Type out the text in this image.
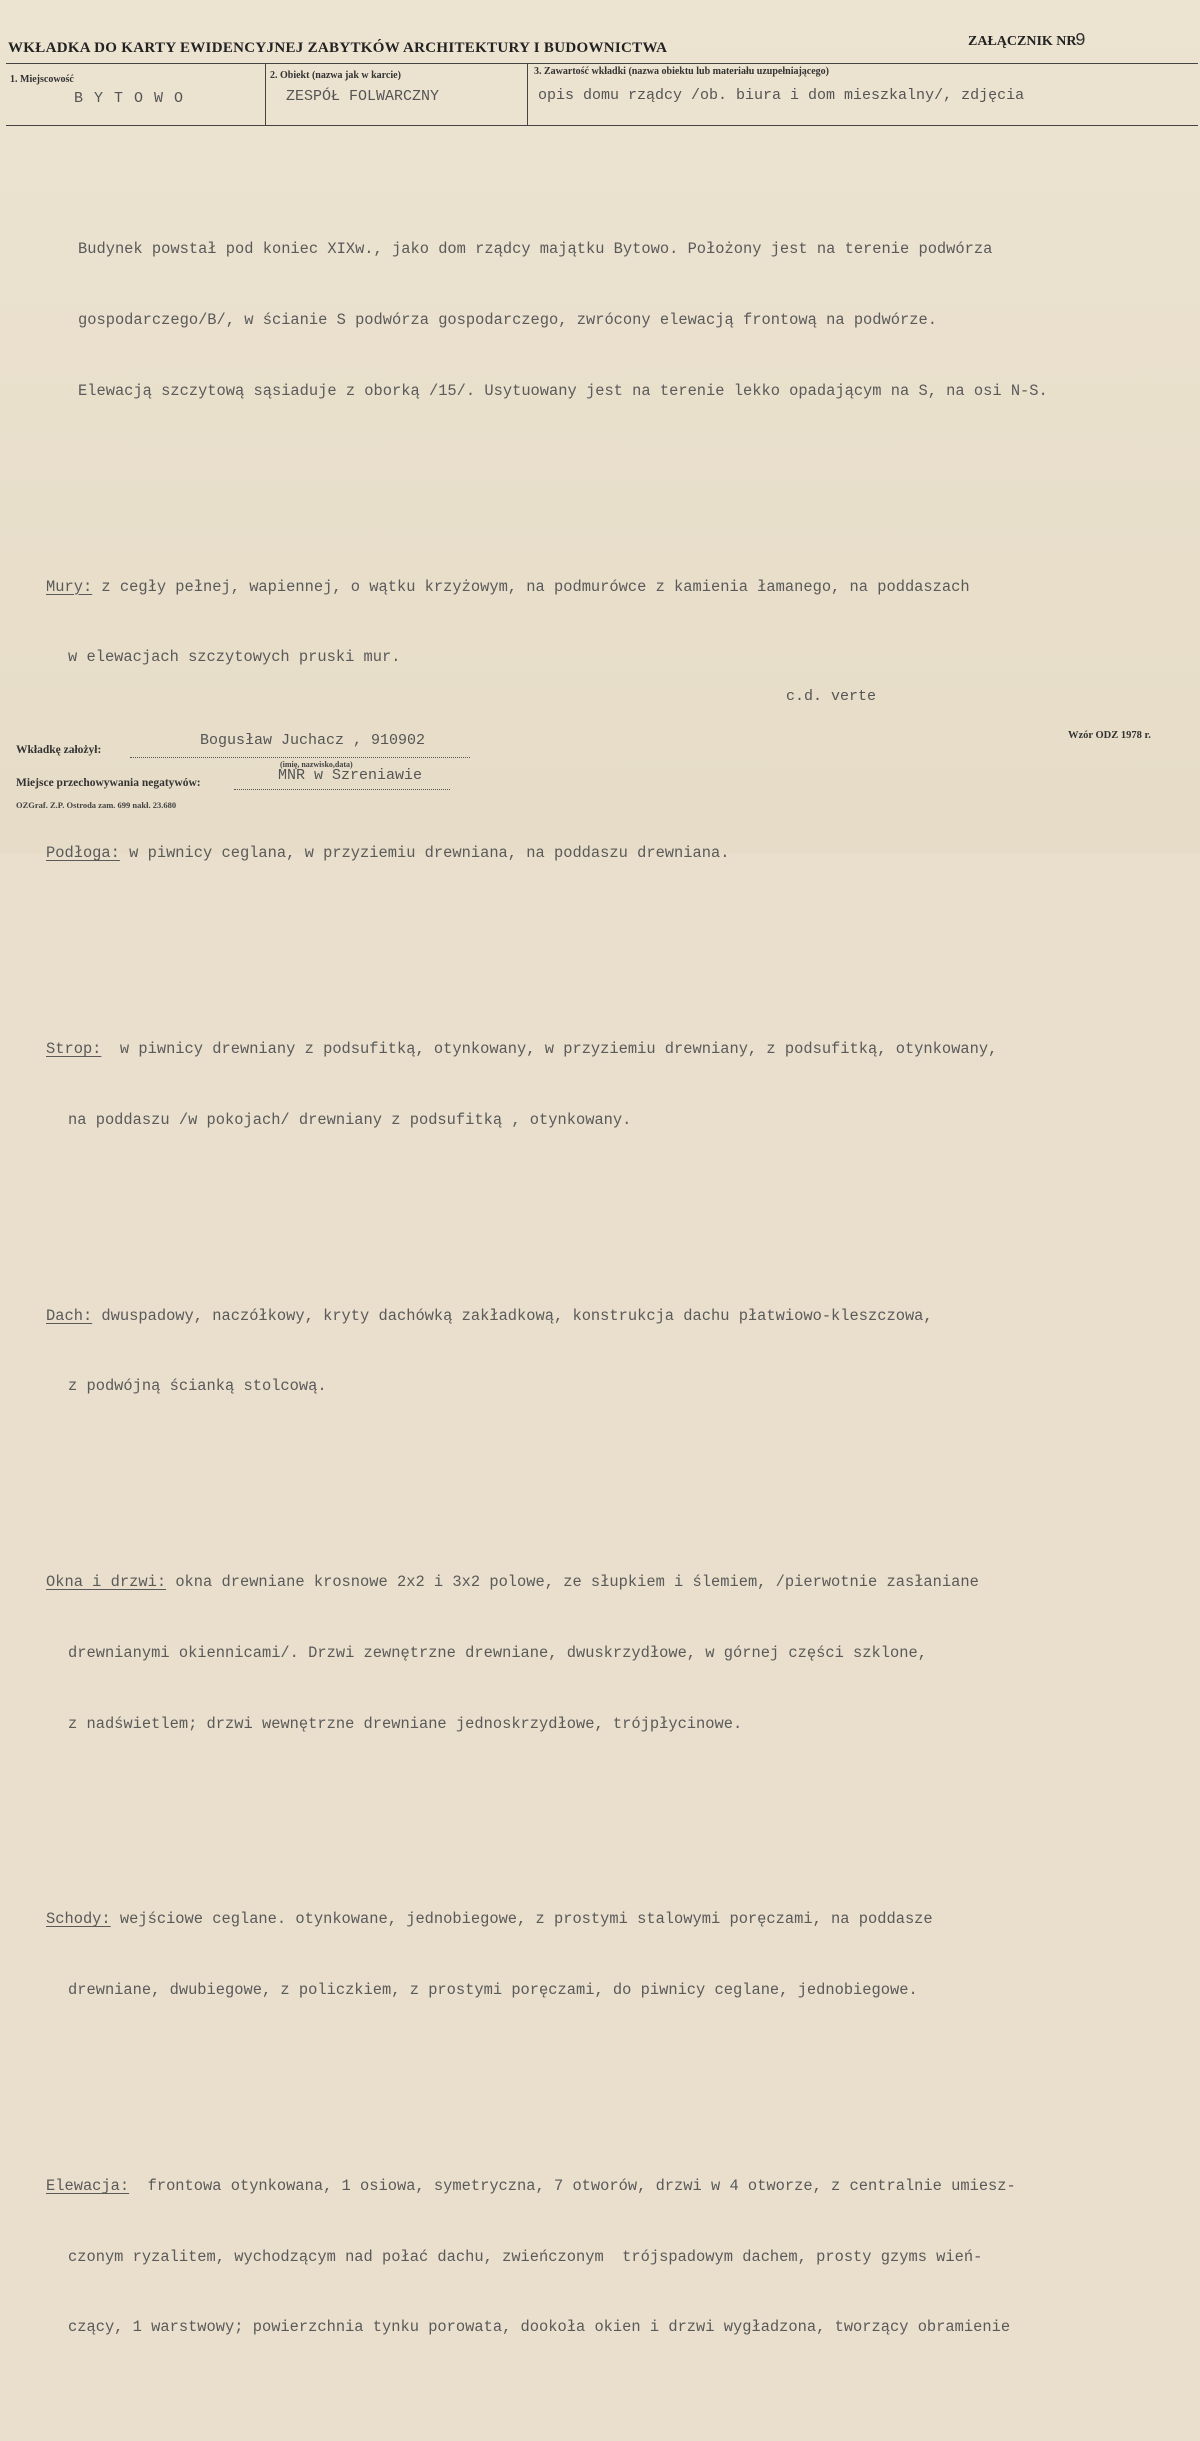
WKŁADKA DO KARTY EWIDENCYJNEJ ZABYTKÓW ARCHITEKTURY I BUDOWNICTWA	ZAŁĄCZNIK NR
9
1. Miejscowość
B Y T O W O
2. Obiekt (nazwa jak w karcie)
ZESPÓŁ FOLWARCZNY
3. Zawartość wkładki (nazwa obiektu lub materiału uzupełniającego)
opis domu rządcy /ob. biura i dom mieszkalny/, zdjęcia

Budynek powstał pod koniec XIXw., jako dom rządcy majątku Bytowo. Położony jest na terenie podwórza

gospodarczego/B/, w ścianie S podwórza gospodarczego, zwrócony elewacją frontową na podwórze.

Elewacją szczytową sąsiaduje z oborką /15/. Usytuowany jest na terenie lekko opadającym na S, na osi N-S.

Mury: z cegły pełnej, wapiennej, o wątku krzyżowym, na podmurówce z kamienia łamanego, na poddaszach

w elewacjach szczytowych pruski mur.

Podłoga: w piwnicy ceglana, w przyziemiu drewniana, na poddaszu drewniana.

Strop:  w piwnicy drewniany z podsufitką, otynkowany, w przyziemiu drewniany, z podsufitką, otynkowany,

na poddaszu /w pokojach/ drewniany z podsufitką , otynkowany.

Dach: dwuspadowy, naczółkowy, kryty dachówką zakładkową, konstrukcja dachu płatwiowo-kleszczowa,

z podwójną ścianką stolcową.

Okna i drzwi: okna drewniane krosnowe 2x2 i 3x2 polowe, ze słupkiem i ślemiem, /pierwotnie zasłaniane

drewnianymi okiennicami/. Drzwi zewnętrzne drewniane, dwuskrzydłowe, w górnej części szklone,

z nadświetlem; drzwi wewnętrzne drewniane jednoskrzydłowe, trójpłycinowe.

Schody: wejściowe ceglane. otynkowane, jednobiegowe, z prostymi stalowymi poręczami, na poddasze

drewniane, dwubiegowe, z policzkiem, z prostymi poręczami, do piwnicy ceglane, jednobiegowe.

Elewacja:  frontowa otynkowana, 1 osiowa, symetryczna, 7 otworów, drzwi w 4 otworze, z centralnie umiesz-

czonym ryzalitem, wychodzącym nad połać dachu, zwieńczonym  trójspadowym dachem, prosty gzyms wień-

czący, 1 warstwowy; powierzchnia tynku porowata, dookoła okien i drzwi wygładzona, tworzący obramienie

c.d. verte
Wkładkę założył:
Bogusław Juchacz , 910902
(imię, nazwisko,data)
Miejsce przechowywania negatywów:	MNR w Szreniawie
Wzór ODZ 1978 r.
OZGraf. Z.P. Ostroda zam. 699 nakł. 23.680
